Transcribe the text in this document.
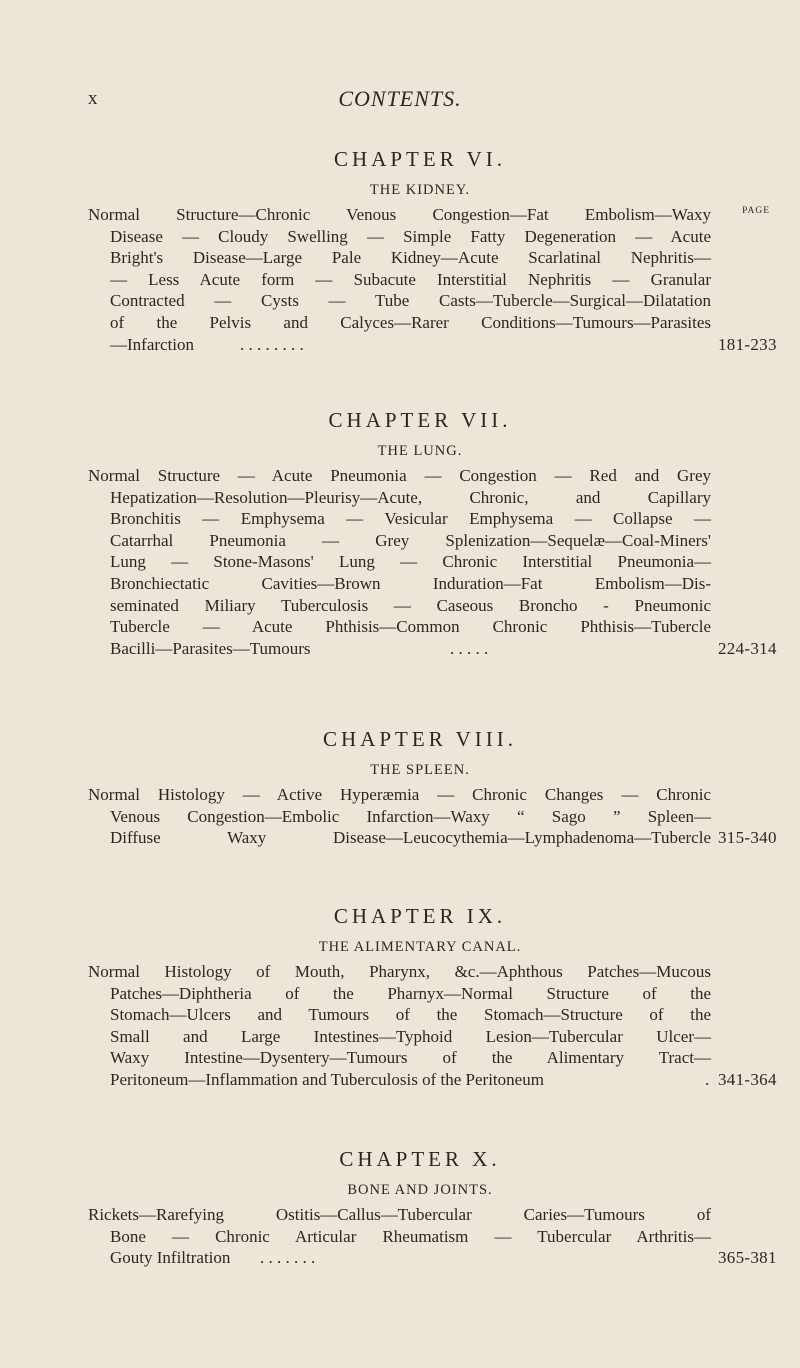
x	CONTENTS.
CHAPTER VI.
THE KIDNEY.
PAGE
Normal Structure—Chronic Venous Congestion—Fat Embolism—Waxy
Disease — Cloudy Swelling — Simple Fatty Degeneration — Acute
Bright's Disease—Large Pale Kidney—Acute Scarlatinal Nephritis—
— Less Acute form — Subacute Interstitial Nephritis — Granular
Contracted — Cysts — Tube Casts—Tubercle—Surgical—Dilatation
of the Pelvis and Calyces—Rarer Conditions—Tumours—Parasites
—Infarction	. . . . . . . .	181-233
CHAPTER VII.
THE LUNG.
Normal Structure — Acute Pneumonia — Congestion — Red and Grey
Hepatization—Resolution—Pleurisy—Acute, Chronic, and Capillary
Bronchitis — Emphysema — Vesicular Emphysema — Collapse —
Catarrhal Pneumonia — Grey Splenization—Sequelæ—Coal-Miners'
Lung — Stone-Masons' Lung — Chronic Interstitial Pneumonia—
Bronchiectatic Cavities—Brown Induration—Fat Embolism—Dis-
seminated Miliary Tuberculosis — Caseous Broncho - Pneumonic
Tubercle — Acute Phthisis—Common Chronic Phthisis—Tubercle
Bacilli—Parasites—Tumours	. . . . .	224-314
CHAPTER VIII.
THE SPLEEN.
Normal Histology — Active Hyperæmia — Chronic Changes — Chronic
Venous Congestion—Embolic Infarction—Waxy “ Sago ” Spleen—
Diffuse Waxy Disease—Leucocythemia—Lymphadenoma—Tubercle 315-340
CHAPTER IX.
THE ALIMENTARY CANAL.
Normal Histology of Mouth, Pharynx, &c.—Aphthous Patches—Mucous
Patches—Diphtheria of the Pharnyx—Normal Structure of the
Stomach—Ulcers and Tumours of the Stomach—Structure of the
Small and Large Intestines—Typhoid Lesion—Tubercular Ulcer—
Waxy Intestine—Dysentery—Tumours of the Alimentary Tract—
Peritoneum—Inflammation and Tuberculosis of the Peritoneum	. 341-364
CHAPTER X.
BONE AND JOINTS.
Rickets—Rarefying Ostitis—Callus—Tubercular Caries—Tumours of
Bone — Chronic Articular Rheumatism — Tubercular Arthritis—
Gouty Infiltration	. . . . . . .	365-381
